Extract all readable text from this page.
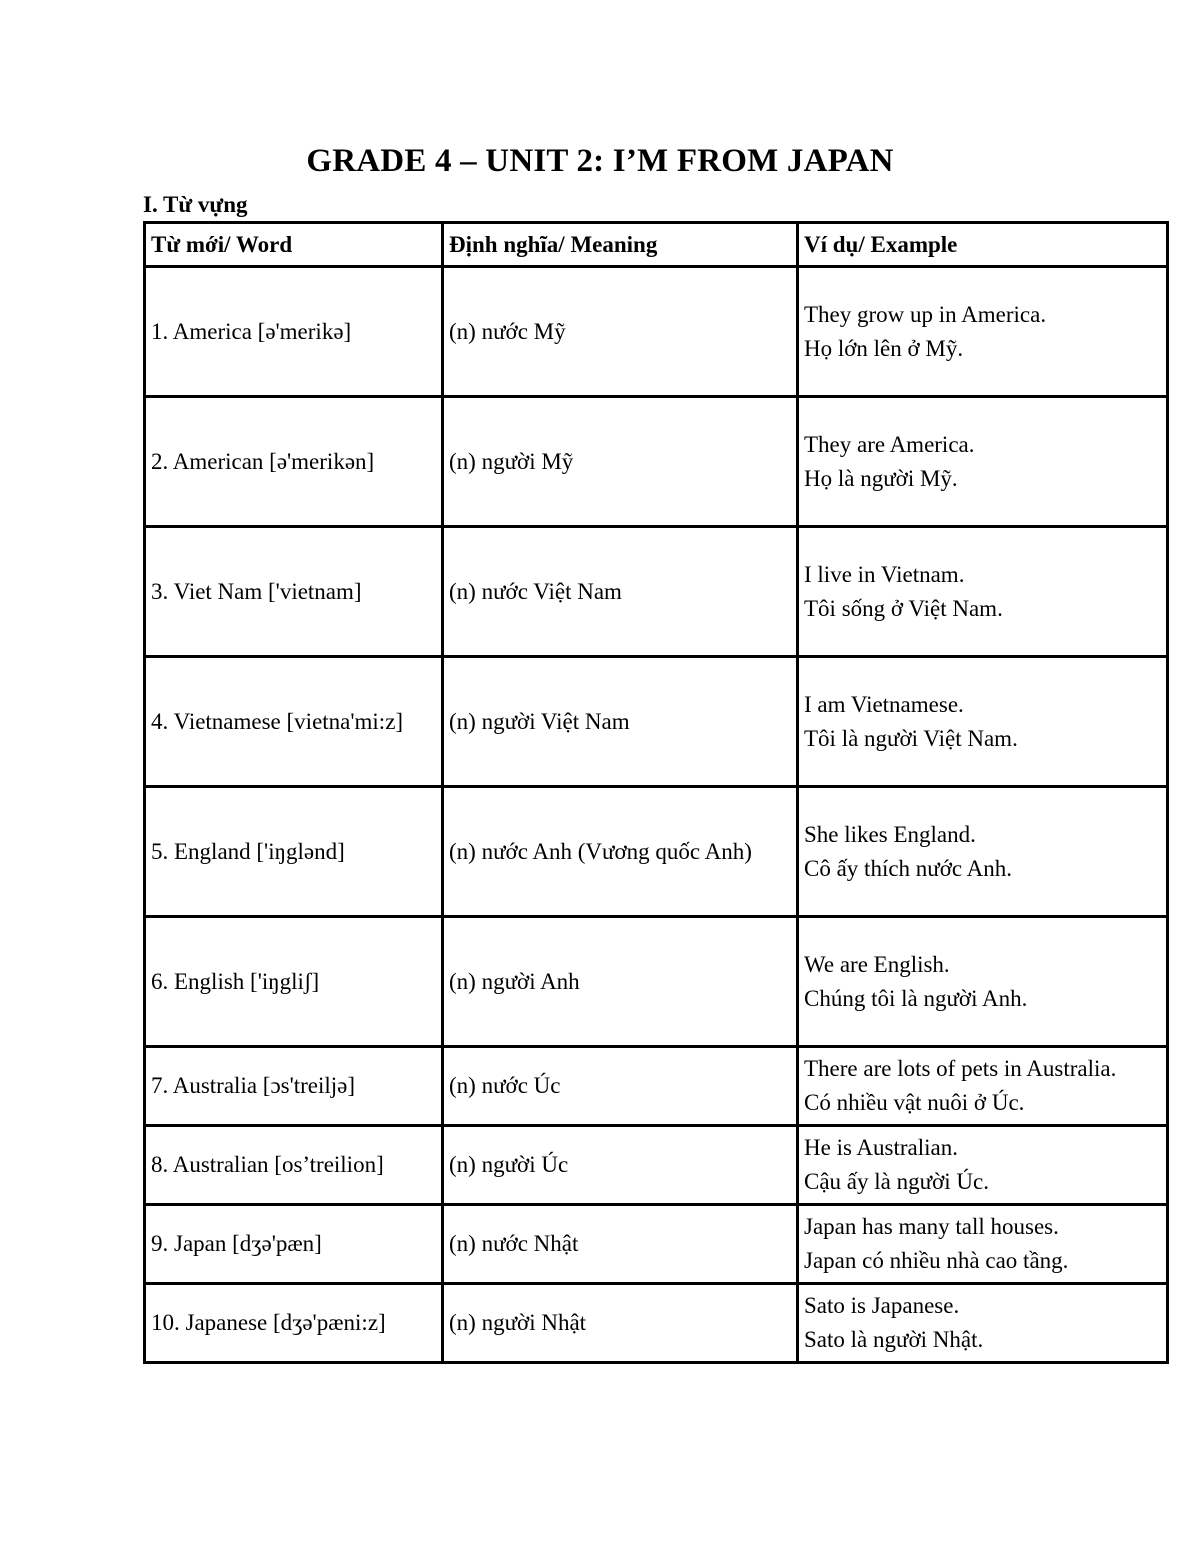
GRADE 4 – UNIT 2: I’M FROM JAPAN
I. Từ vựng
Từ mới/ Word	Định nghĩa/ Meaning	Ví dụ/ Example
1. America [ə'merikə]	(n) nước Mỹ	They grow up in America.
Họ lớn lên ở Mỹ.

2. American [ə'merikən]	(n) người Mỹ	They are America.
Họ là người Mỹ.

3. Viet Nam ['vietnam]	(n) nước Việt Nam	I live in Vietnam.
Tôi sống ở Việt Nam.

4. Vietnamese [vietna'mi:z]	(n) người Việt Nam	I am Vietnamese.
Tôi là người Việt Nam.

5. England ['iŋglənd]	(n) nước Anh (Vương quốc Anh)	She likes England.
Cô ấy thích nước Anh.

6. English ['iŋgliʃ]	(n) người Anh	We are English.
Chúng tôi là người Anh.

7. Australia [ɔs'treiljə]	(n) nước Úc	There are lots of pets in Australia.
Có nhiều vật nuôi ở Úc.

8. Australian [os’treilion]	(n) người Úc	He is Australian.
Cậu ấy là người Úc.

9. Japan [dʒə'pæn]	(n) nước Nhật	Japan has many tall houses.
Japan có nhiều nhà cao tầng.

10. Japanese [dʒə'pæni:z]	(n) người Nhật	Sato is Japanese.
Sato là người Nhật.
